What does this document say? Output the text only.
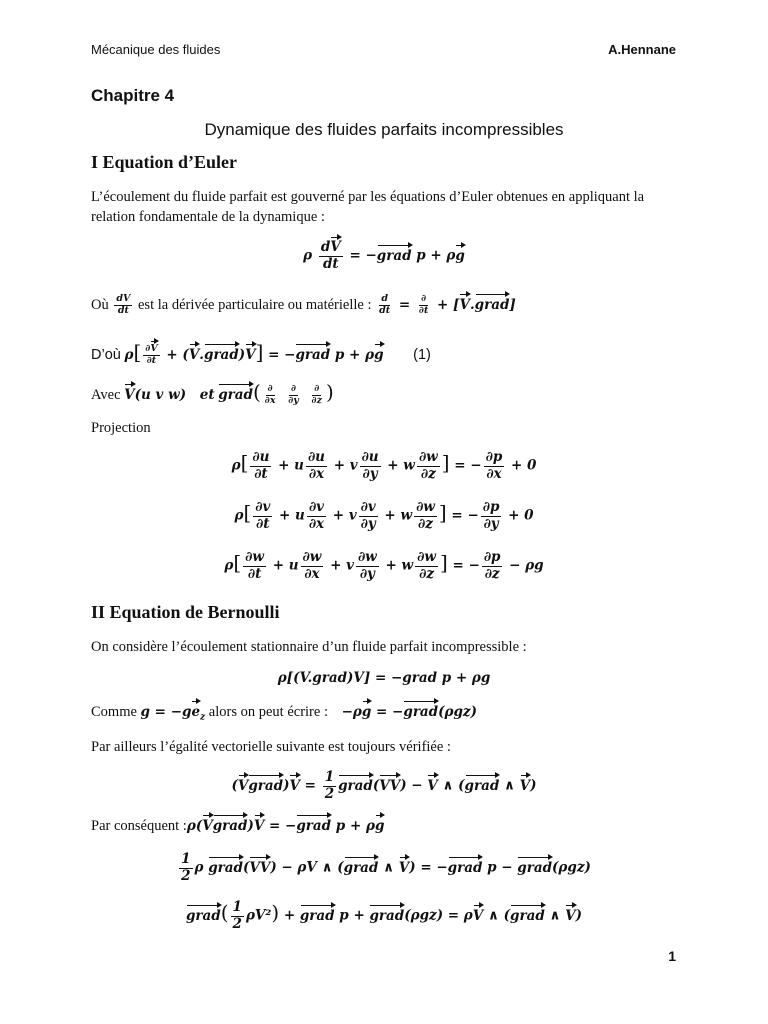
Mécanique des fluides	A.Hennane
Chapitre 4
Dynamique des fluides parfaits incompressibles
I Equation d’Euler
L’écoulement du fluide parfait est gouverné par les équations d’Euler obtenues en appliquant la relation fondamentale de la dynamique :
ρ $\frac{dV}{dt}$ = −grad p + ρg
Où $\frac{dV}{dt}$ est la dérivée particulaire ou matérielle : $\frac{d}{dt} = \frac{\partial}{\partial t}$ + [V.grad]
D’où $\rho[ \frac{\partial V}{\partial t}$ + (V.grad)V] = −grad p + ρg (1)
Avec V(u v w) et grad( $\frac{\partial}{\partial x}$
$\frac{\partial}{\partial y}$
$\frac{\partial}{\partial z}$ )
Projection
$\rho[ \frac{\partial u}{\partial t} + u \frac{\partial u}{\partial x} + v \frac{\partial u}{\partial y} + w \frac{\partial w}{\partial z}$ ] = − $\frac{\partial p}{\partial x} + 0$
$\rho[ \frac{\partial v}{\partial t} + u \frac{\partial v}{\partial x} + v \frac{\partial v}{\partial y} + w \frac{\partial w}{\partial z}$ ] = − $\frac{\partial p}{\partial y} + 0$
$\rho[ \frac{\partial w}{\partial t} + u \frac{\partial w}{\partial x} + v \frac{\partial w}{\partial y} + w \frac{\partial w}{\partial z}$ ] = − $\frac{\partial p}{\partial z} - \rho g$
II Equation de Bernoulli
On considère l’écoulement stationnaire d’un fluide parfait incompressible :
ρ[(V.grad)V] = −grad p + ρg
Comme $g = -ge_z$ alors on peut écrire : −ρg = −grad(ρgz)
Par ailleurs l’égalité vectorielle suivante est toujours vérifiée :
(Vgrad)V = $\frac{1}{2}$ grad(VV) − V ∧ (grad ∧ V)
Par conséquent :ρ(Vgrad)V = −grad p + ρg
$\frac{1}{2}$ ρ grad(VV) − ρV ∧ (grad ∧ V) = −grad p − grad(ρgz)
grad( $\frac{1}{2} \rho V^2$) + grad p + grad(ρgz) = ρV ∧ (grad ∧ V)
1
